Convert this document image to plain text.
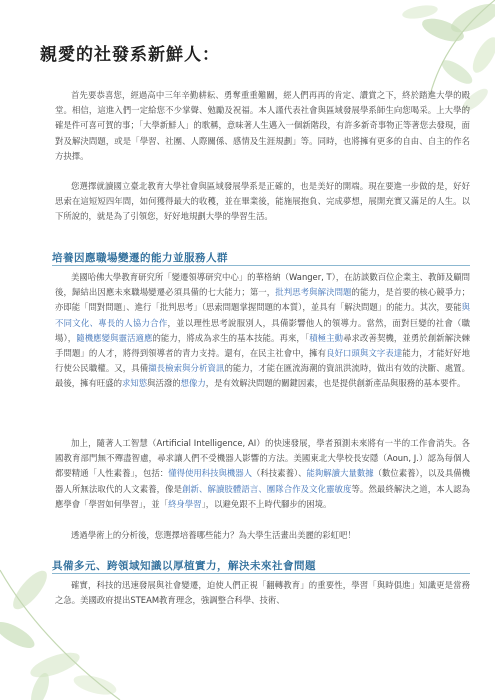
親愛的社發系新鮮人：

首先要恭喜您，經過高中三年辛勤耕耘、勇奪重重難關，經人們再再的肯定、讚賞之下，終於踏進大學的殿堂。相信，這進入們一定給您不少掌聲、勉勵及祝福。本人謹代表社會與區域發展學系師生向您喝采。上大學的確是件可喜可賀的事；「大學新鮮人」的歌稱，意味著人生邁入一個新階段，有許多新奇事物正等著您去發現，面對及解決問題，或是「學習、社團、人際關係、感情及生涯規劃」等。同時，也將擁有更多的自由、自主的作名方抉擇。

您選擇就讀國立臺北教育大學社會與區域發展學系是正確的，也是美好的開端。現在要進一步做的是，好好思索在這短短四年間，如何獲得最大的收穫，並在畢業後，能施展抱負、完成夢想，展開充實又滿足的人生。以下所說的，就是為了引領您，好好地規劃大學的學習生活。

培養因應職場變遷的能力並服務人群

美國哈佛大學教育研究所「變遷領導研究中心」的華格納（Wanger, T），在訪談數百位企業主、教師及顧問後，歸結出因應未來職場變遷必須具備的七大能力；第一，批判思考與解決問題的能力，是首要的核心競爭力；亦即能「問對問題」、進行「批判思考」（思索問題掌握問題的本質），並具有「解決問題」的能力。其次，要能與不同文化、專長的人協力合作，並以理性思考說服別人，具備影響他人的領導力。當然，面對巨變的社會（職場），隨機應變與靈活適應的能力，將成為求生的基本技能。再來，「積極主動尋求改善契機，並勇於創新解決棘手問題」的人才，將得到領導者的青力支持。還有，在民主社會中，擁有良好口頭與文字表達能力，才能好好地行使公民職權。又，具備擷長檢索與分析資訊的能力，才能在匯流海潮的資訊洪流時，做出有效的決斷、處置。最後，擁有旺盛的求知慾與活潑的想像力，是有效解決問題的關鍵因素，也是提供創新產品與服務的基本要件。

加上，隨著人工智慧（Artificial Intelligence, AI）的快速發展，學者預測未來將有一半的工作會消失。各國教育部門無不殫盡智慮，尋求讓人們不受機器人影響的方法。美國東北大學校長安隱（Aoun, J.）認為每個人都要精通「人性素養」，包括：懂得使用科技與機器人（科技素養）、能夠解讀大量數據（數位素養），以及具備機器人所無法取代的人文素養，像是創新、解讀肢體語言、團隊合作及文化靈敏度等。然最終解決之道，本人認為應學會「學習如何學習」，並「終身學習」，以避免跟不上時代腳步的困境。

透過學術上的分析後，您選擇培養哪些能力？為大學生活畫出美麗的彩虹吧！

具備多元、跨領域知識以厚植實力，解決未來社會問題

確實，科技的迅速發展與社會變遷，迫使人們正視「翻轉教育」的重要性，學習「與時俱進」知識更是當務之急。美國政府提出STEAM教育理念，強調整合科學、技術、
